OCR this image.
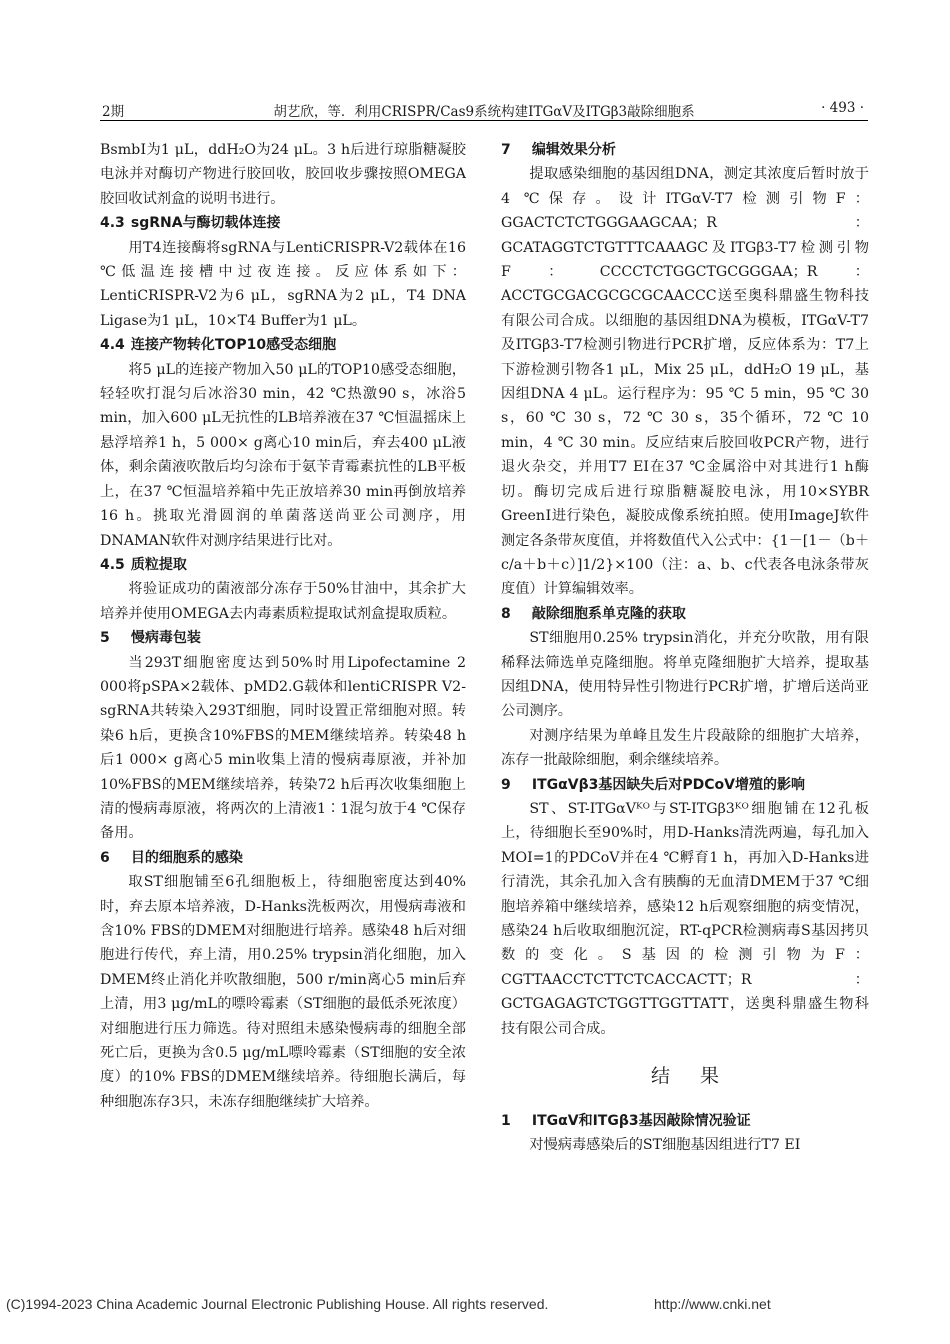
2期	胡艺欣，等．利用CRISPR/Cas9系统构建ITGαV及ITGβ3敲除细胞系	· 493 ·

BsmbⅠ为1 μL，ddH₂O为24 μL。3 h后进行琼脂糖凝胶电泳并对酶切产物进行胶回收，胶回收步骤按照OMEGA胶回收试剂盒的说明书进行。

4.3 sgRNA与酶切载体连接

用T4连接酶将sgRNA与LentiCRISPR-V2载体在16 ℃低温连接槽中过夜连接。反应体系如下：LentiCRISPR-V2为6 μL，sgRNA为2 μL，T4 DNA Ligase为1 μL，10×T4 Buffer为1 μL。

4.4 连接产物转化TOP10感受态细胞

将5 μL的连接产物加入50 μL的TOP10感受态细胞，轻轻吹打混匀后冰浴30 min，42 ℃热激90 s，冰浴5 min，加入600 μL无抗性的LB培养液在37 ℃恒温摇床上悬浮培养1 h，5 000× g离心10 min后，弃去400 μL液体，剩余菌液吹散后均匀涂布于氨苄青霉素抗性的LB平板上，在37 ℃恒温培养箱中先正放培养30 min再倒放培养16 h。挑取光滑圆润的单菌落送尚亚公司测序，用DNAMAN软件对测序结果进行比对。

4.5 质粒提取

将验证成功的菌液部分冻存于50%甘油中，其余扩大培养并使用OMEGA去内毒素质粒提取试剂盒提取质粒。

5 慢病毒包装

当293T细胞密度达到50%时用Lipofectamine 2 000将pSPA×2载体、pMD2.G载体和lentiCRISPR V2-sgRNA共转染入293T细胞，同时设置正常细胞对照。转染6 h后，更换含10%FBS的MEM继续培养。转染48 h后1 000× g离心5 min收集上清的慢病毒原液，并补加10%FBS的MEM继续培养，转染72 h后再次收集细胞上清的慢病毒原液，将两次的上清液1∶1混匀放于4 ℃保存备用。

6 目的细胞系的感染

取ST细胞铺至6孔细胞板上，待细胞密度达到40%时，弃去原本培养液，D-Hanks洗板两次，用慢病毒液和含10% FBS的DMEM对细胞进行培养。感染48 h后对细胞进行传代，弃上清，用0.25% trypsin消化细胞，加入DMEM终止消化并吹散细胞，500 r/min离心5 min后弃上清，用3 μg/mL的嘌呤霉素（ST细胞的最低杀死浓度）对细胞进行压力筛选。待对照组未感染慢病毒的细胞全部死亡后，更换为含0.5 μg/mL嘌呤霉素（ST细胞的安全浓度）的10% FBS的DMEM继续培养。待细胞长满后，每种细胞冻存3只，未冻存细胞继续扩大培养。

7 编辑效果分析

提取感染细胞的基因组DNA，测定其浓度后暂时放于4 ℃保存。设计ITGαV-T7检测引物F：GGACTCTCTGGGAAGCAA；R：GCATAGGTCTGTTTCAAAGC及ITGβ3-T7检测引物F：CCCCTCTGGCTGCGGGAA；R：ACCTGCGACGCGCGCAACCC送至奥科鼎盛生物科技有限公司合成。以细胞的基因组DNA为模板，ITGαV-T7及ITGβ3-T7检测引物进行PCR扩增，反应体系为：T7上下游检测引物各1 μL，Mix 25 μL，ddH₂O 19 μL，基因组DNA 4 μL。运行程序为：95 ℃ 5 min，95 ℃ 30 s，60 ℃ 30 s，72 ℃ 30 s，35个循环，72 ℃ 10 min，4 ℃ 30 min。反应结束后胶回收PCR产物，进行退火杂交，并用T7 EI在37 ℃金属浴中对其进行1 h酶切。酶切完成后进行琼脂糖凝胶电泳，用10×SYBR GreenⅠ进行染色，凝胶成像系统拍照。使用ImageJ软件测定各条带灰度值，并将数值代入公式中：{1－[1－（b＋c/a＋b＋c）]1/2}×100（注：a、b、c代表各电泳条带灰度值）计算编辑效率。

8 敲除细胞系单克隆的获取

ST细胞用0.25% trypsin消化，并充分吹散，用有限稀释法筛选单克隆细胞。将单克隆细胞扩大培养，提取基因组DNA，使用特异性引物进行PCR扩增，扩增后送尚亚公司测序。

对测序结果为单峰且发生片段敲除的细胞扩大培养，冻存一批敲除细胞，剩余继续培养。

9 ITGαVβ3基因缺失后对PDCoV增殖的影响

ST、ST-ITGαVᴷᴼ与ST-ITGβ3ᴷᴼ细胞铺在12孔板上，待细胞长至90%时，用D-Hanks清洗两遍，每孔加入MOI=1的PDCoV并在4 ℃孵育1 h，再加入D-Hanks进行清洗，其余孔加入含有胰酶的无血清DMEM于37 ℃细胞培养箱中继续培养，感染12 h后观察细胞的病变情况，感染24 h后收取细胞沉淀，RT-qPCR检测病毒S基因拷贝数的变化。S基因的检测引物为F：CGTTAACCTCTTCTCACCACTT；R：GCTGAGAGTCTGGTTGGTTATT，送奥科鼎盛生物科技有限公司合成。

结果
1 ITGαV和ITGβ3基因敲除情况验证

对慢病毒感染后的ST细胞基因组进行T7 EI

(C)1994-2023 China Academic Journal Electronic Publishing House. All rights reserved.	http://www.cnki.net
